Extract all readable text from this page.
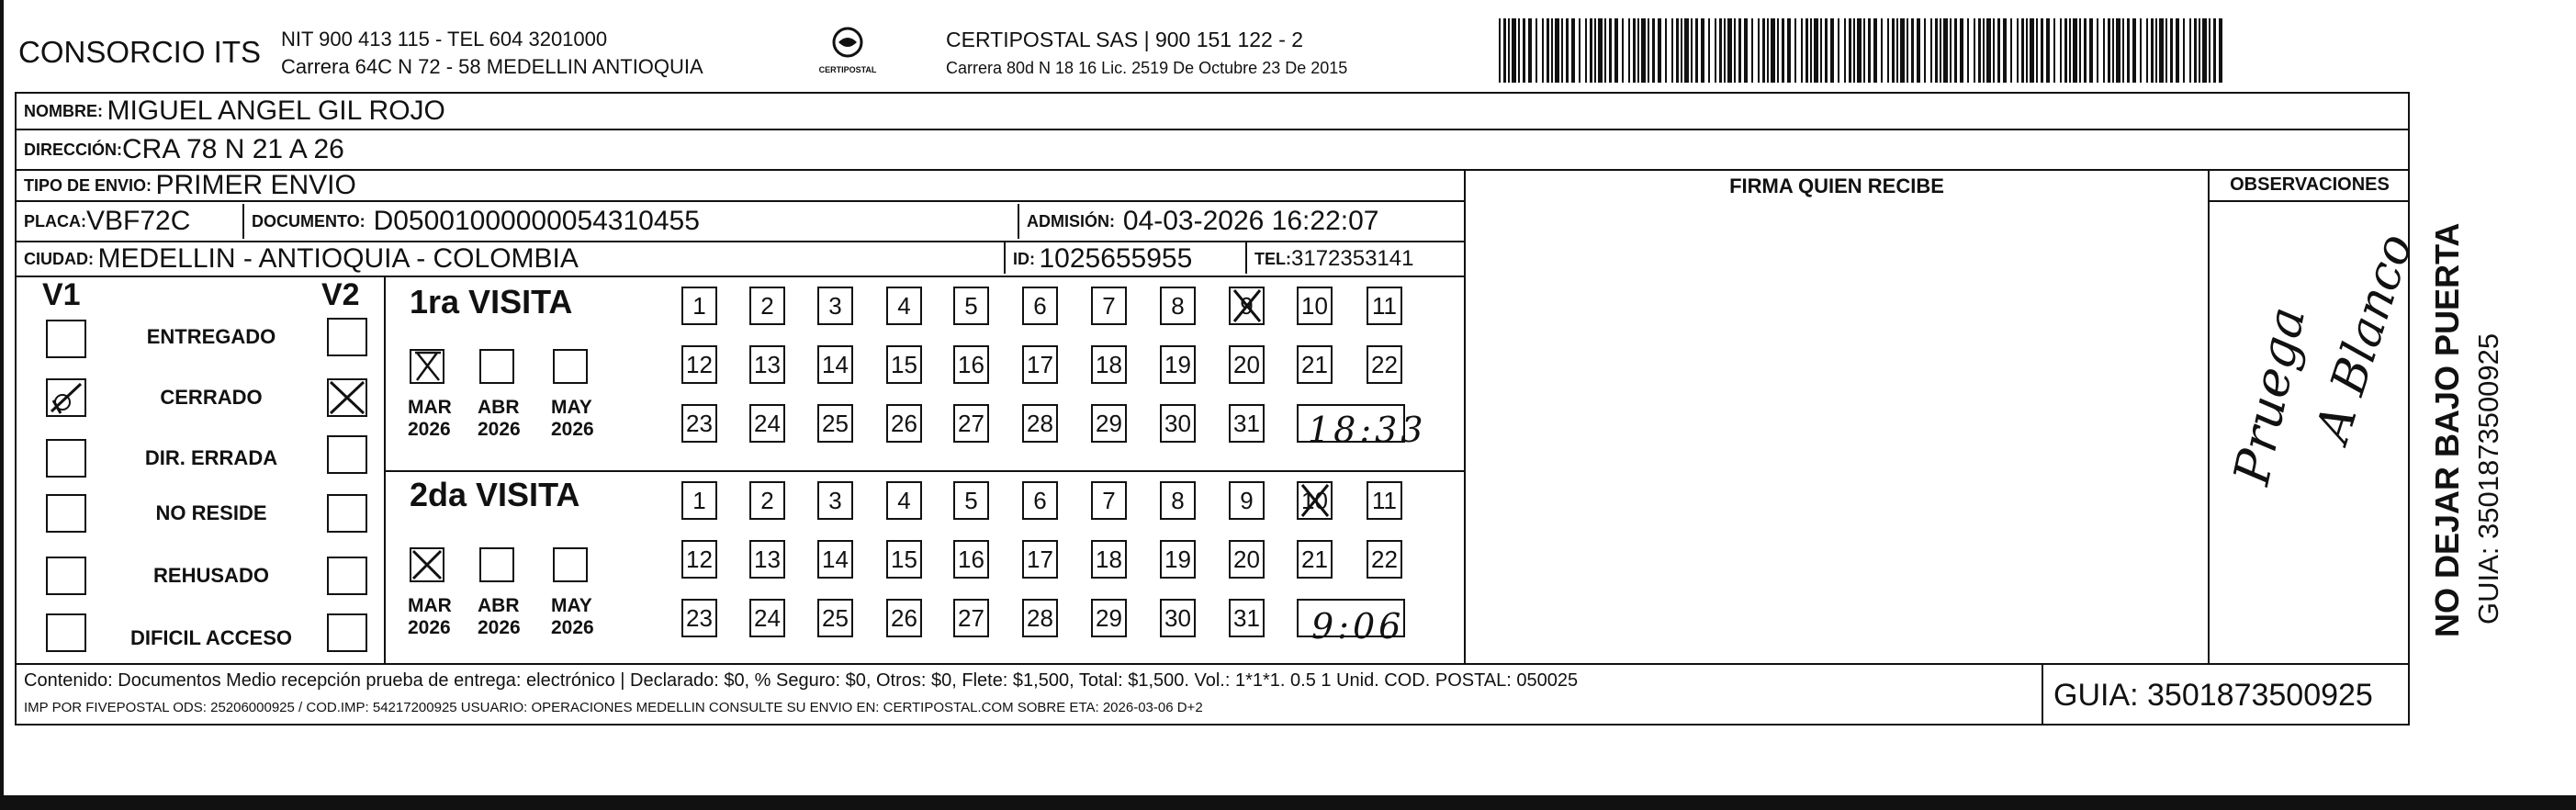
CONSORCIO ITS NIT 900 413 115 - TEL 604 3201000
Carrera 64C N 72 - 58 MEDELLIN ANTIOQUIA	CERTIPOSTAL
CERTIPOSTAL SAS | 900 151 122 - 2
Carrera 80d N 18 16 Lic. 2519 De Octubre 23 De 2015
NOMBRE:
MIGUEL ANGEL GIL ROJO
DIRECCIÓN: CRA 78 N 21 A 26
TIPO DE ENVIO:
PRIMER ENVIO	FIRMA QUIEN RECIBE	OBSERVACIONES
PLACA: VBF72C	DOCUMENTO:
D05001000000054310455	ADMISIÓN:
04-03-2026 16:22:07
CIUDAD:
MEDELLIN - ANTIOQUIA - COLOMBIA	ID:
1025655955	TEL: 3172353141
V1	V2
ENTREGADO
CERRADO
DIR. ERRADA
NO RESIDE
REHUSADO
DIFICIL ACCESO
1ra VISITA
MAR ABR MAY
2026 2026 2026
1	2	3	4	5	6	7	8	9	10 11
12 13 14 15 16 17 18 19 20 21 22
23 24 25 26 27 28 29 30 31 18:33
2da VISITA
MAR ABR MAY
2026 2026 2026
1	2	3	4	5	6	7	8	9	10 11
12 13 14 15 16 17 18 19 20 21 22
23 24 25 26 27 28 29 30 31 9:06
Pruega
A Blanco
Contenido: Documentos Medio recepción prueba de entrega: electrónico | Declarado: $0, % Seguro: $0, Otros: $0, Flete: $1,500, Total: $1,500. Vol.: 1*1*1. 0.5 1 Unid. COD. POSTAL: 050025
IMP POR FIVEPOSTAL ODS: 25206000925 / COD.IMP: 54217200925 USUARIO: OPERACIONES MEDELLIN CONSULTE SU ENVIO EN: CERTIPOSTAL.COM SOBRE ETA: 2026-03-06 D+2	GUIA: 3501873500925
NO DEJAR BAJO PUERTA GUIA: 3501873500925
